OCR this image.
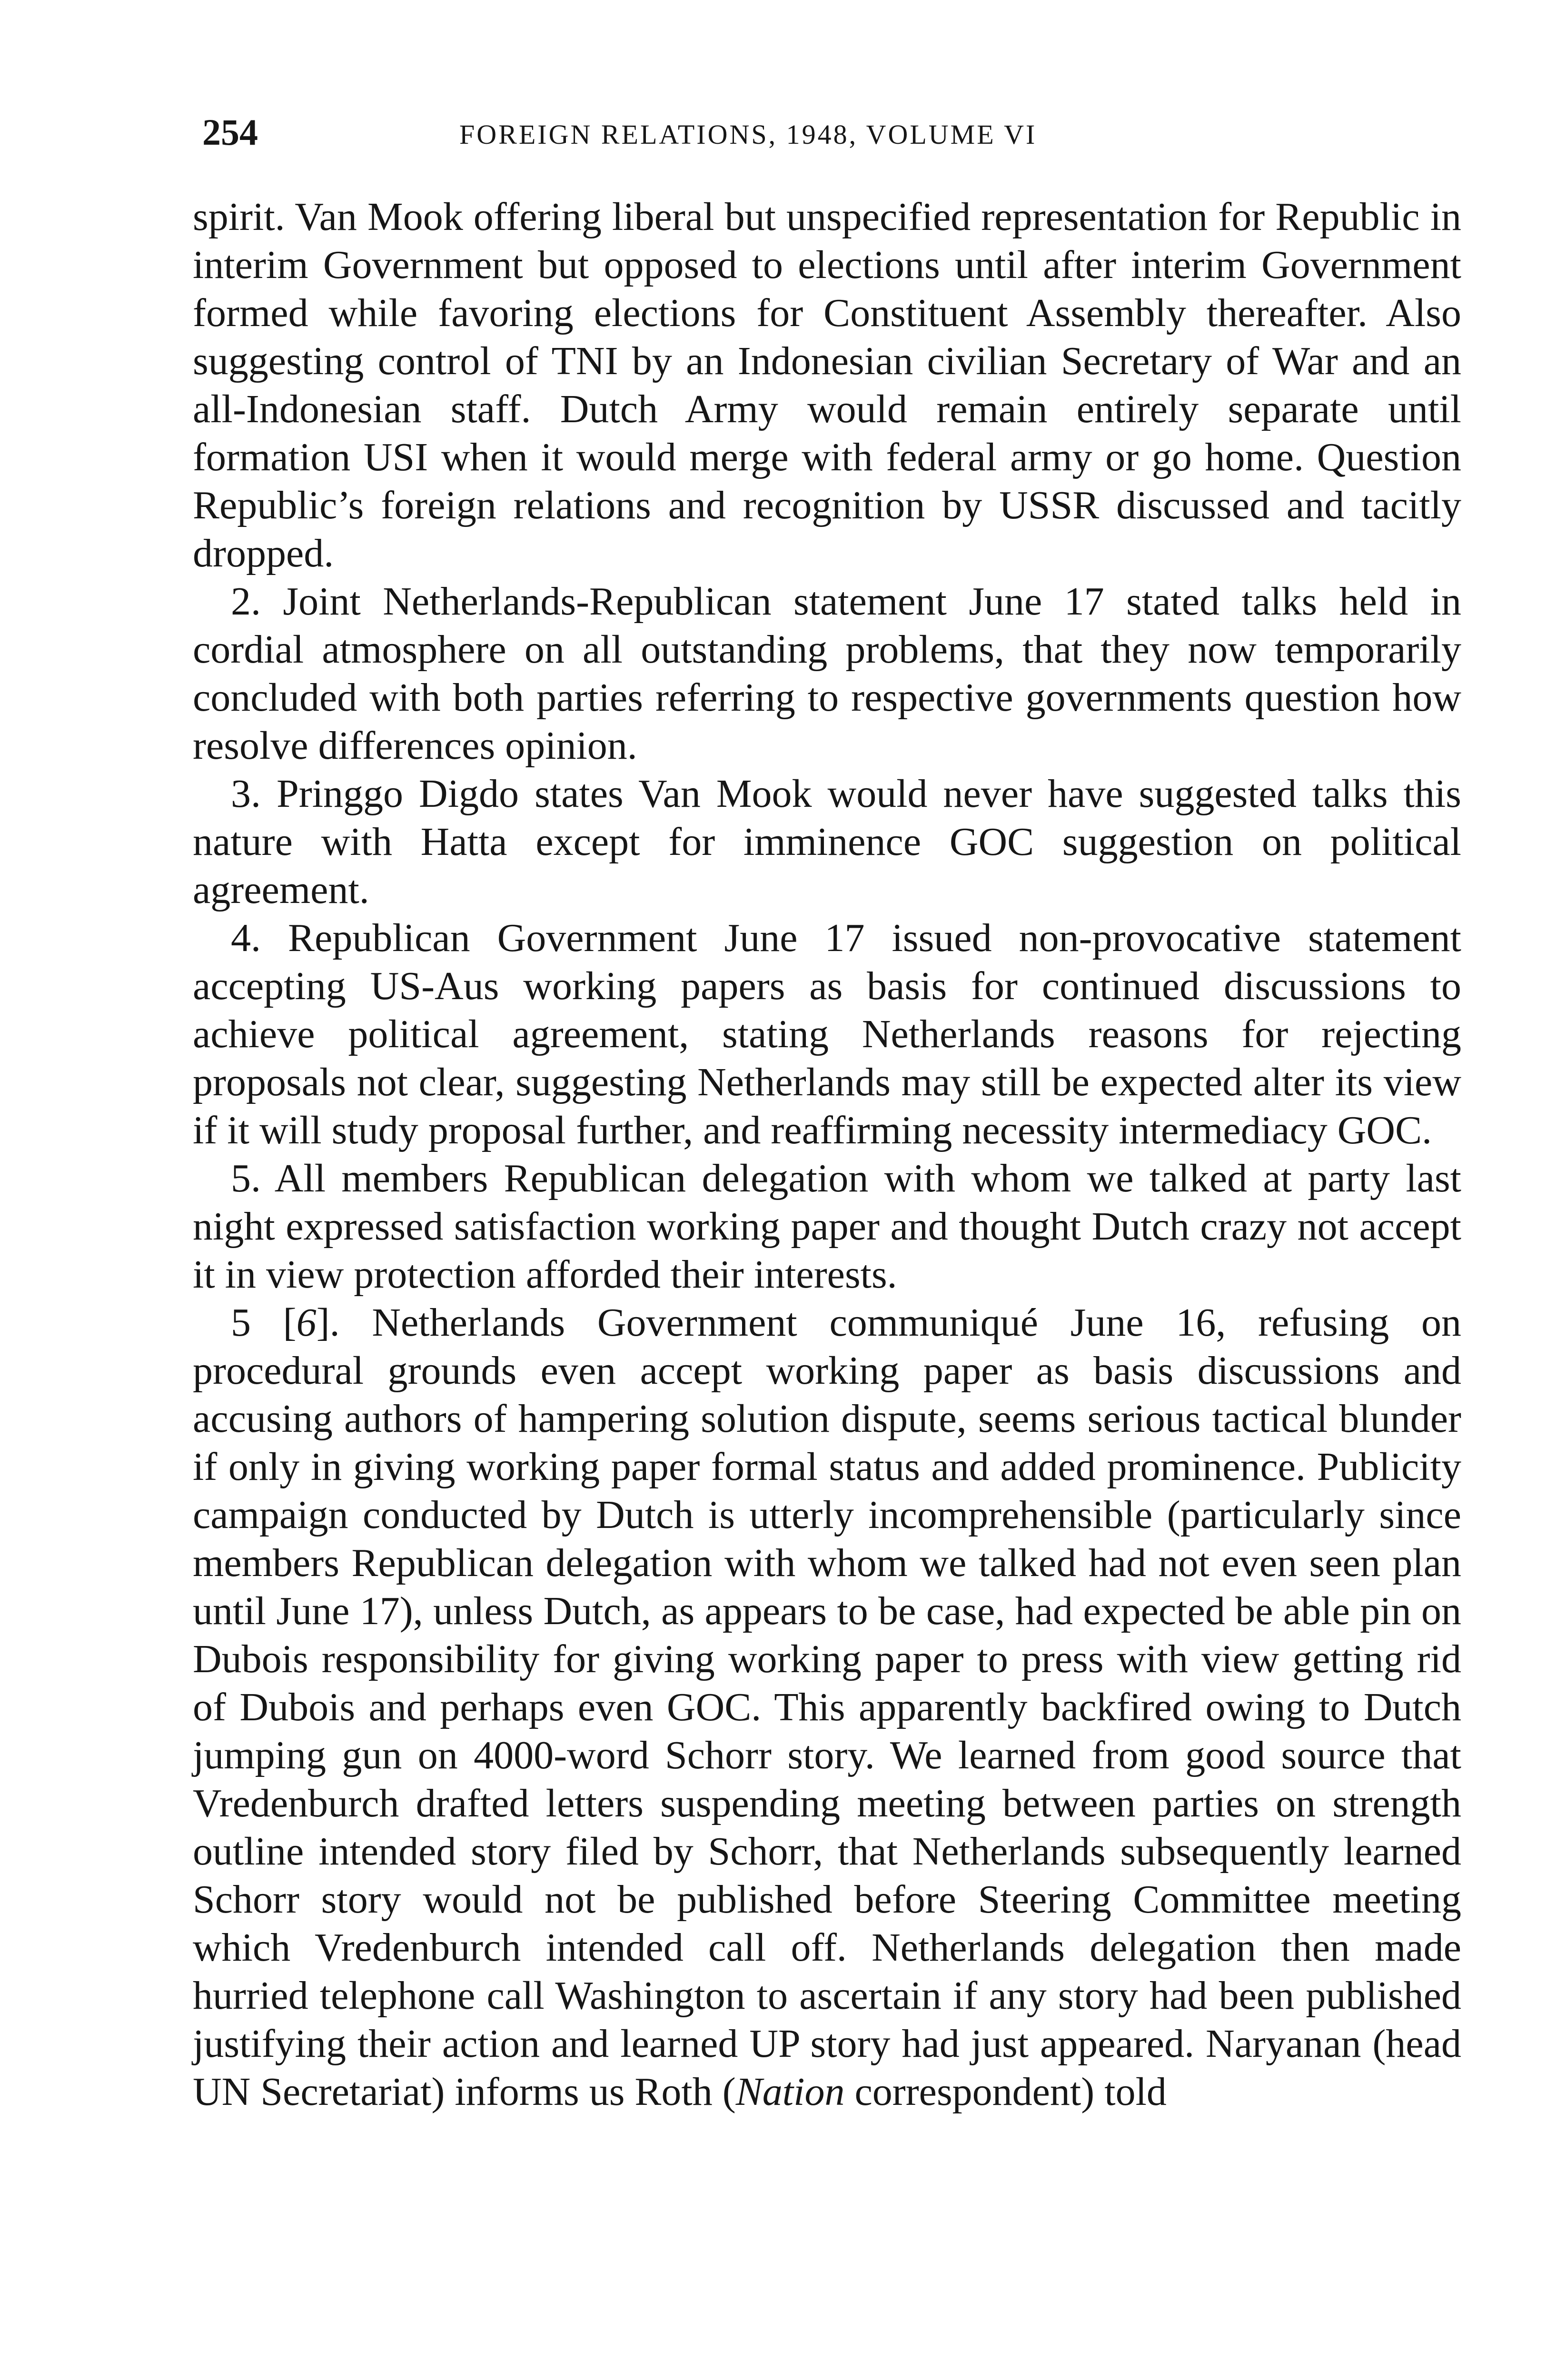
254	FOREIGN RELATIONS, 1948, VOLUME VI

spirit. Van Mook offering liberal but unspecified representation for Republic in interim Government but opposed to elections until after interim Government formed while favoring elections for Constituent Assembly thereafter. Also suggesting control of TNI by an Indonesian civilian Secretary of War and an all-Indonesian staff. Dutch Army would remain entirely separate until formation USI when it would merge with federal army or go home. Question Republic’s foreign relations and recognition by USSR discussed and tacitly dropped.

2. Joint Netherlands-Republican statement June 17 stated talks held in cordial atmosphere on all outstanding problems, that they now temporarily concluded with both parties referring to respective governments question how resolve differences opinion.

3. Pringgo Digdo states Van Mook would never have suggested talks this nature with Hatta except for imminence GOC suggestion on political agreement.

4. Republican Government June 17 issued non-provocative statement accepting US-Aus working papers as basis for continued discussions to achieve political agreement, stating Netherlands reasons for rejecting proposals not clear, suggesting Netherlands may still be expected alter its view if it will study proposal further, and reaffirming necessity intermediacy GOC.

5. All members Republican delegation with whom we talked at party last night expressed satisfaction working paper and thought Dutch crazy not accept it in view protection afforded their interests.

5 [6]. Netherlands Government communiqué June 16, refusing on procedural grounds even accept working paper as basis discussions and accusing authors of hampering solution dispute, seems serious tactical blunder if only in giving working paper formal status and added prominence. Publicity campaign conducted by Dutch is utterly incomprehensible (particularly since members Republican delegation with whom we talked had not even seen plan until June 17), unless Dutch, as appears to be case, had expected be able pin on Dubois responsibility for giving working paper to press with view getting rid of Dubois and perhaps even GOC. This apparently backfired owing to Dutch jumping gun on 4000-word Schorr story. We learned from good source that Vredenburch drafted letters suspending meeting between parties on strength outline intended story filed by Schorr, that Netherlands subsequently learned Schorr story would not be published before Steering Committee meeting which Vredenburch intended call off. Netherlands delegation then made hurried telephone call Washington to ascertain if any story had been published justifying their action and learned UP story had just appeared. Naryanan (head UN Secretariat) informs us Roth (Nation correspondent) told
